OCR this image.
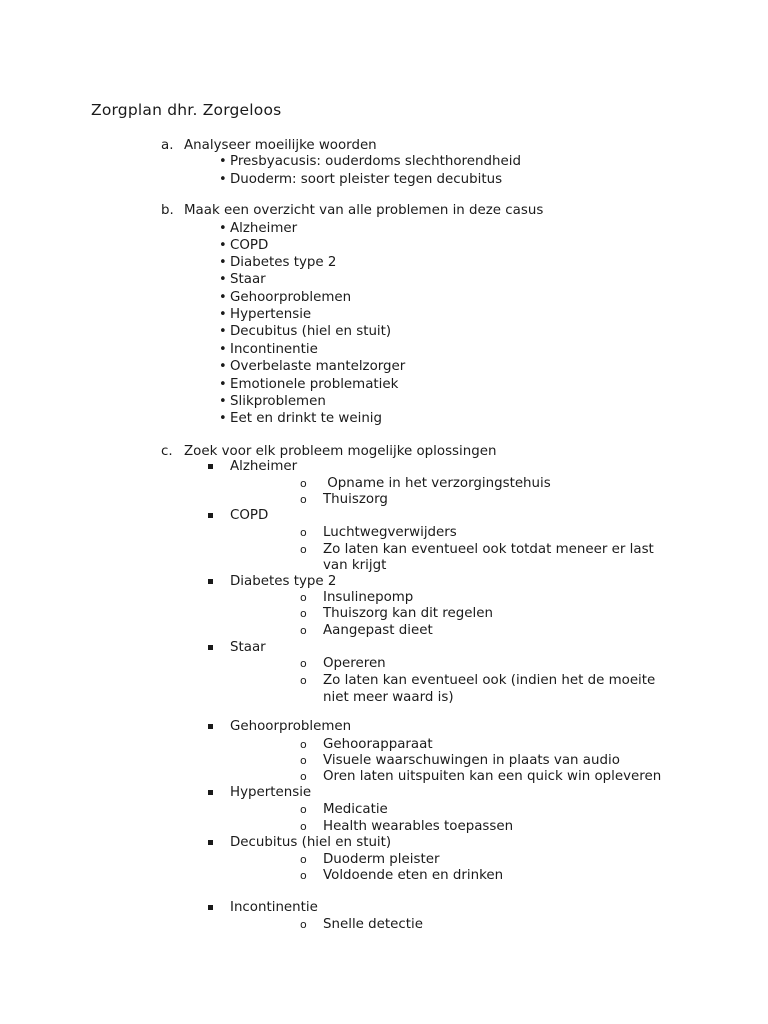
Zorgplan dhr. Zorgeloos
a. Analyseer moeilijke woorden
• Presbyacusis: ouderdoms slechthorendheid
• Duoderm: soort pleister tegen decubitus
b. Maak een overzicht van alle problemen in deze casus
• Alzheimer
• COPD
• Diabetes type 2
• Staar
• Gehoorproblemen
• Hypertensie
• Decubitus (hiel en stuit)
• Incontinentie
• Overbelaste mantelzorger
• Emotionele problematiek
• Slikproblemen
• Eet en drinkt te weinig
c. Zoek voor elk probleem mogelijke oplossingen
Alzheimer
o Opname in het verzorgingstehuis
o Thuiszorg
COPD
o Luchtwegverwijders
o Zo laten kan eventueel ook totdat meneer er last
van krijgt
Diabetes type 2
o Insulinepomp
o Thuiszorg kan dit regelen
o Aangepast dieet
Staar
o Opereren
o Zo laten kan eventueel ook (indien het de moeite
niet meer waard is)
Gehoorproblemen
o Gehoorapparaat
o Visuele waarschuwingen in plaats van audio
o Oren laten uitspuiten kan een quick win opleveren
Hypertensie
o Medicatie
o Health wearables toepassen
Decubitus (hiel en stuit)
o Duoderm pleister
o Voldoende eten en drinken
Incontinentie
o Snelle detectie
